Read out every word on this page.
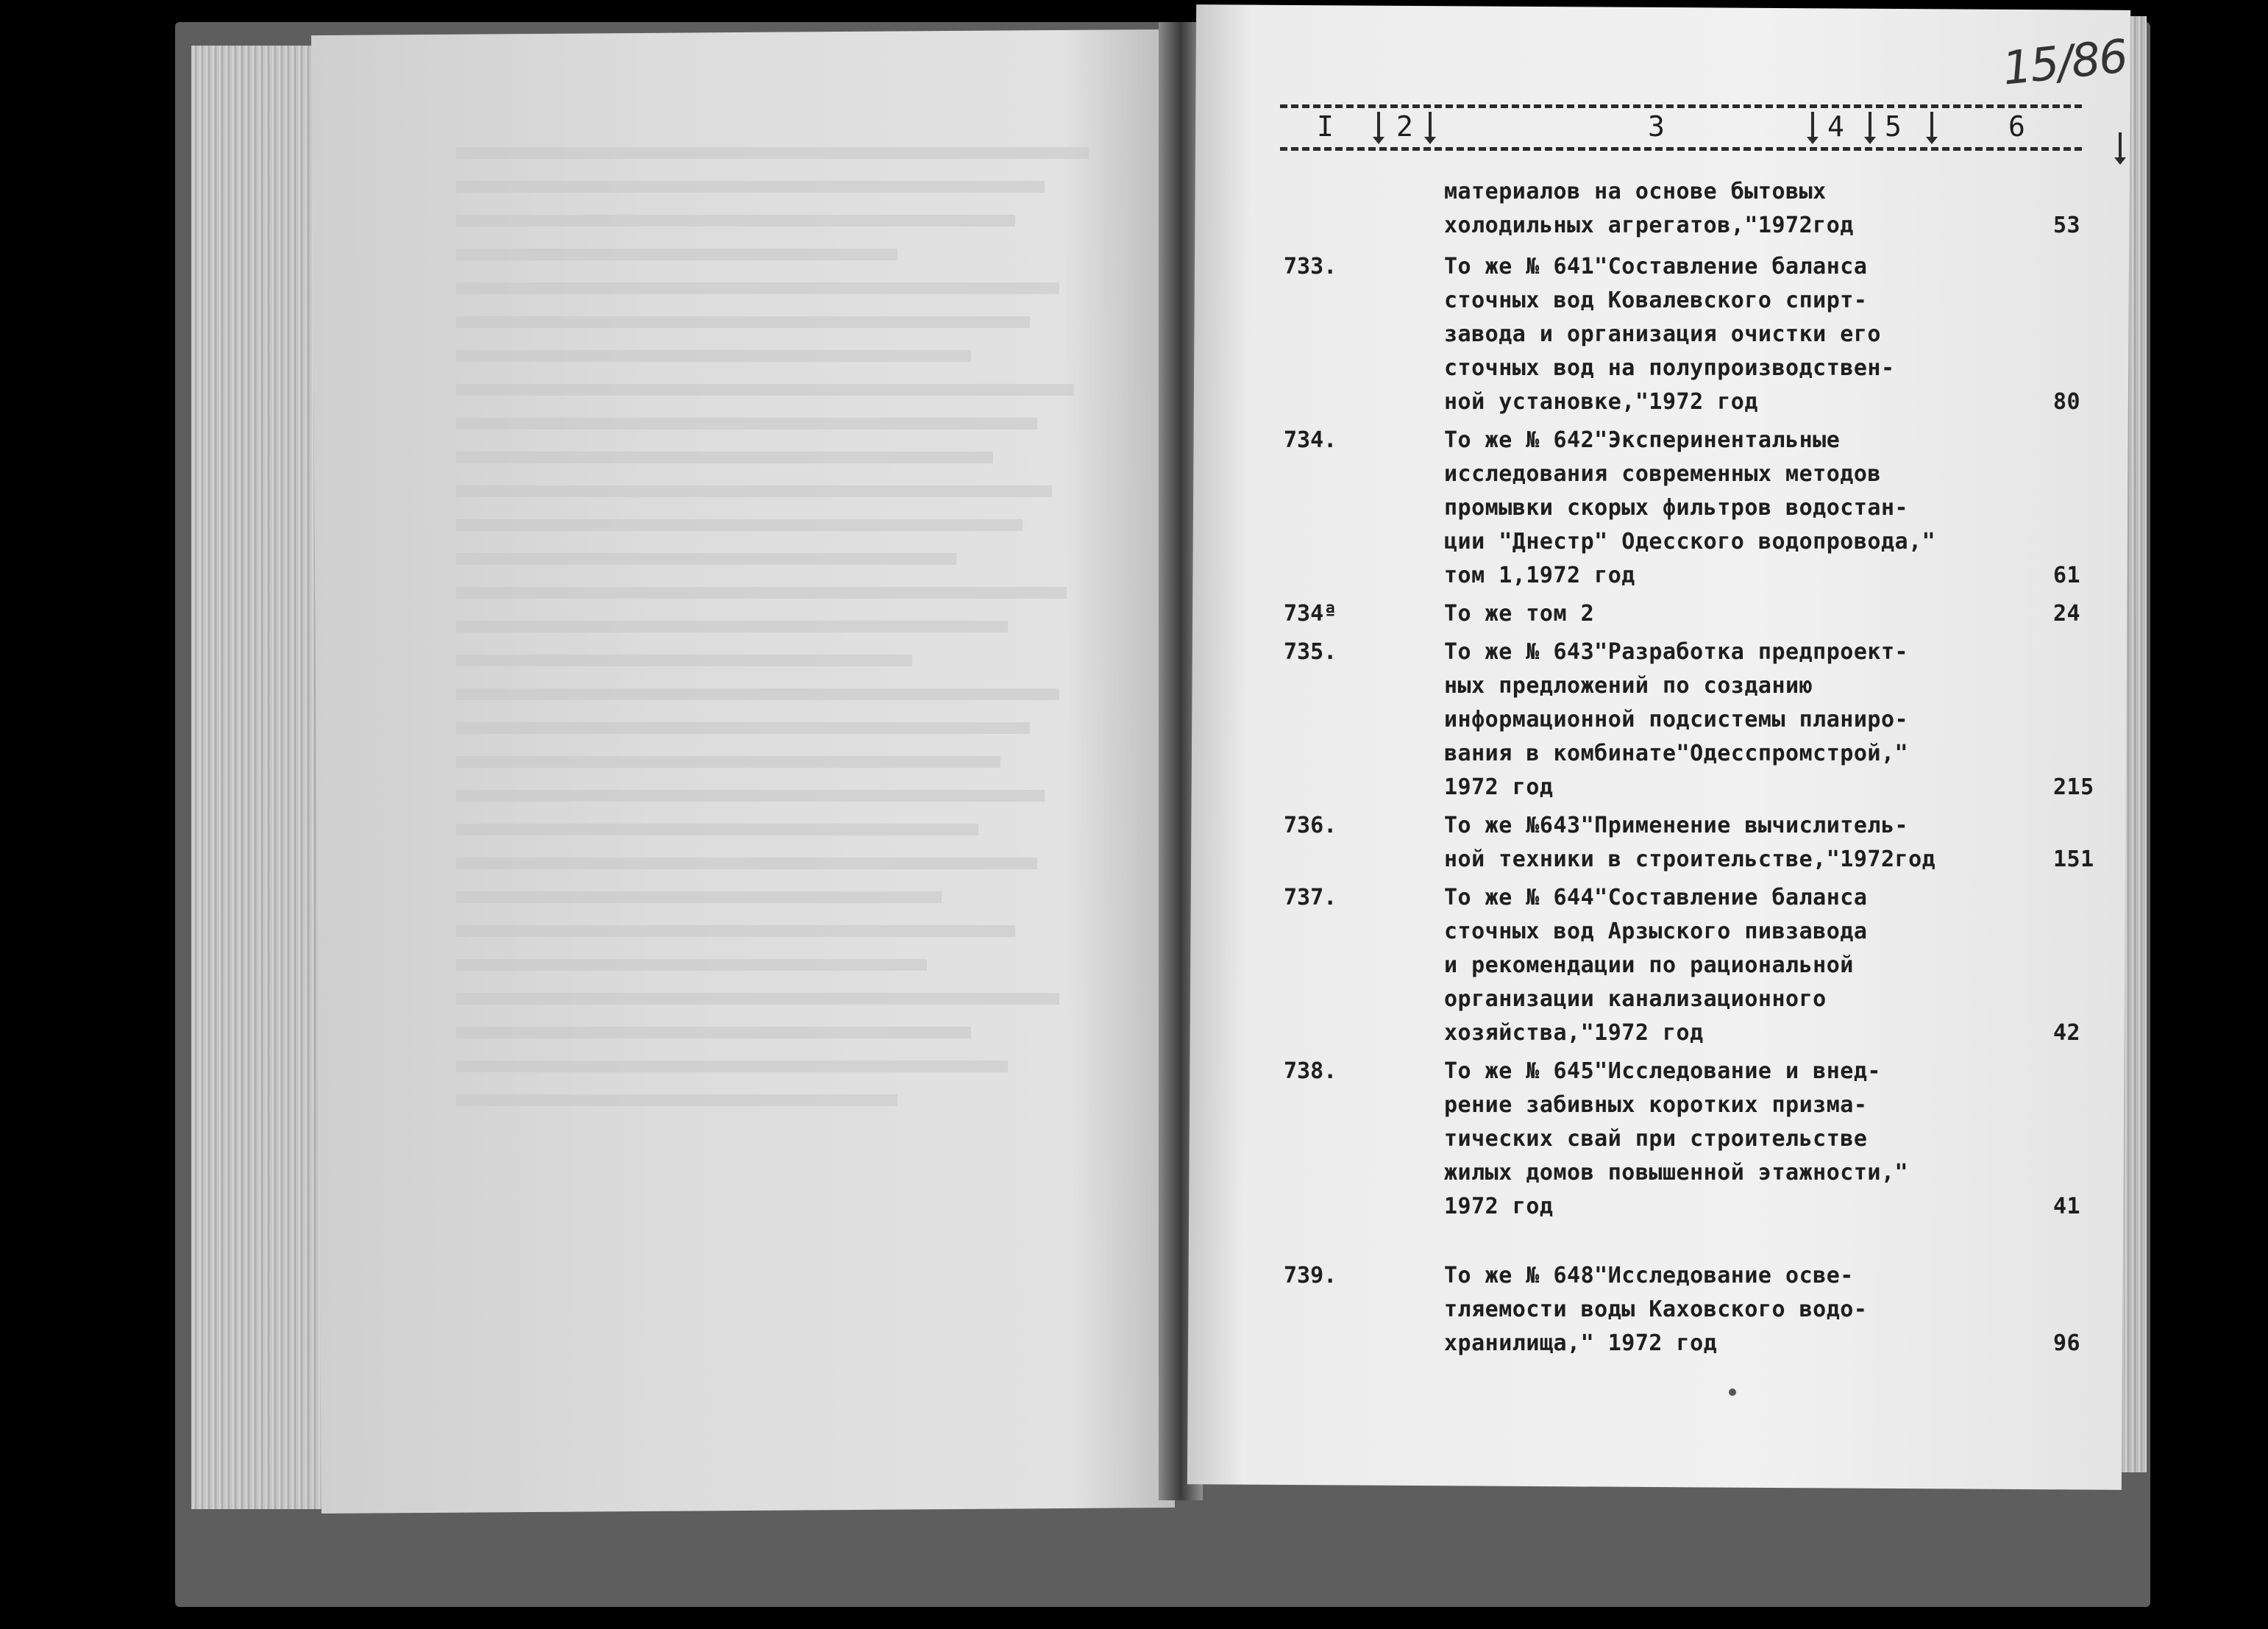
15/86
I 2	3	4 5	6
материалов на основе бытовых
холодильных агрегатов,"1972год	53
733.	То же № 641"Составление баланса
сточных вод Ковалевского спирт-
завода и организация очистки его
сточных вод на полупроизводствен-
ной установке,"1972 год	80
734.	То же № 642"Эксперинентальные
исследования современных методов
промывки скорых фильтров водостан-
ции "Днестр" Одесского водопровода,"
том 1,1972 год	61
734ª	То же том 2	24
735.	То же № 643"Разработка предпроект-
ных предложений по созданию
информационной подсистемы планиро-
вания в комбинате"Одесспромстрой,"
1972 год	215
736.	То же №643"Применение вычислитель-
ной техники в строительстве,"1972год	151
737.	То же № 644"Составление баланса
сточных вод Арзыского пивзавода
и рекомендации по рациональной
организации канализационного
хозяйства,"1972 год	42
738.	То же № 645"Исследование и внед-
рение забивных коротких призма-
тических свай при строительстве
жилых домов повышенной этажности,"
1972 год	41
739.	То же № 648"Исследование осве-
тляемости воды Каховского водо-
хранилища," 1972 год	96
